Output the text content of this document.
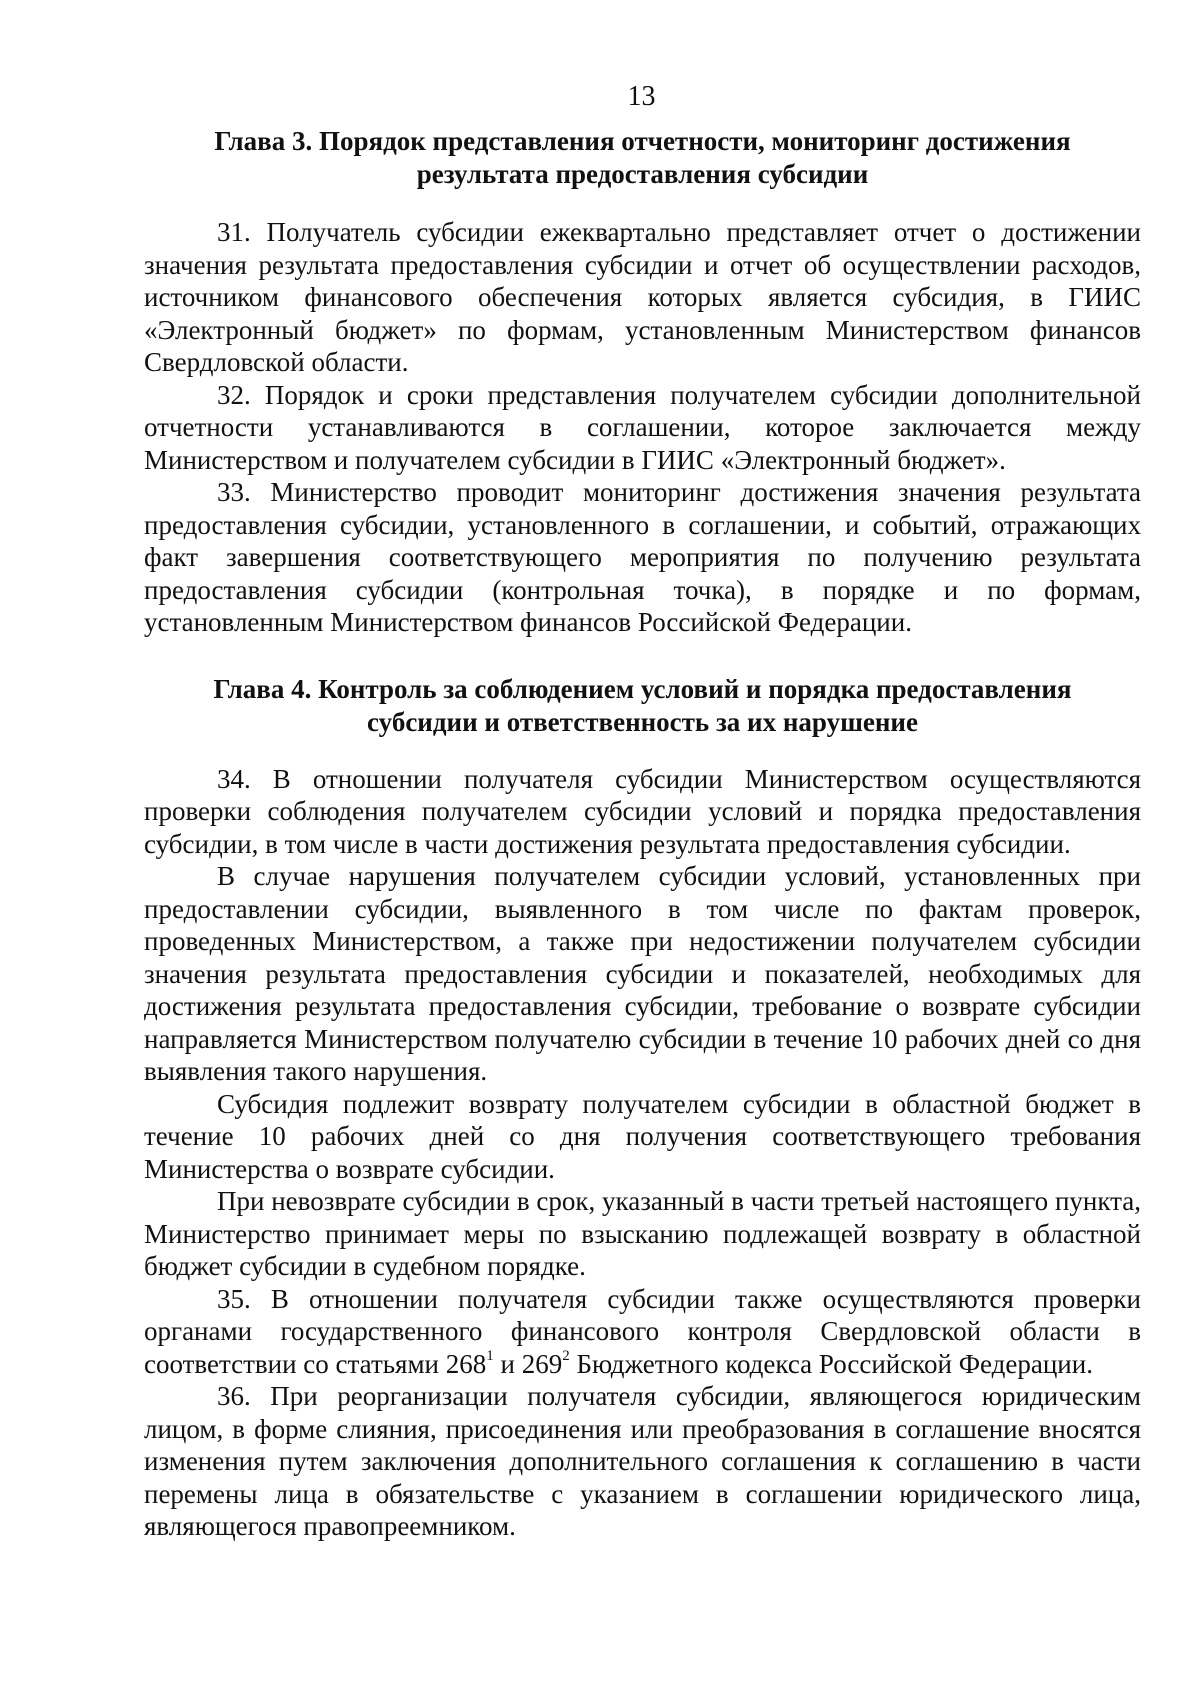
13
Глава 3. Порядок представления отчетности, мониторинг достижения
результата предоставления субсидии

31. Получатель субсидии ежеквартально представляет отчет о достижении значения результата предоставления субсидии и отчет об осуществлении расходов, источником финансового обеспечения которых является субсидия, в ГИИС «Электронный бюджет» по формам, установленным Министерством финансов Свердловской области.

32. Порядок и сроки представления получателем субсидии дополнительной отчетности устанавливаются в соглашении, которое заключается между Министерством и получателем субсидии в ГИИС «Электронный бюджет».

33. Министерство проводит мониторинг достижения значения результата предоставления субсидии, установленного в соглашении, и событий, отражающих факт завершения соответствующего мероприятия по получению результата предоставления субсидии (контрольная точка), в порядке и по формам, установленным Министерством финансов Российской Федерации.

Глава 4. Контроль за соблюдением условий и порядка предоставления
субсидии и ответственность за их нарушение

34. В отношении получателя субсидии Министерством осуществляются проверки соблюдения получателем субсидии условий и порядка предоставления субсидии, в том числе в части достижения результата предоставления субсидии.

В случае нарушения получателем субсидии условий, установленных при предоставлении субсидии, выявленного в том числе по фактам проверок, проведенных Министерством, а также при недостижении получателем субсидии значения результата предоставления субсидии и показателей, необходимых для достижения результата предоставления субсидии, требование о возврате субсидии направляется Министерством получателю субсидии в течение 10 рабочих дней со дня выявления такого нарушения.

Субсидия подлежит возврату получателем субсидии в областной бюджет в течение 10 рабочих дней со дня получения соответствующего требования Министерства о возврате субсидии.

При невозврате субсидии в срок, указанный в части третьей настоящего пункта, Министерство принимает меры по взысканию подлежащей возврату в областной бюджет субсидии в судебном порядке.

35. В отношении получателя субсидии также осуществляются проверки органами государственного финансового контроля Свердловской области в соответствии со статьями $268^1$ и $269^2$ Бюджетного кодекса Российской Федерации.

36. При реорганизации получателя субсидии, являющегося юридическим лицом, в форме слияния, присоединения или преобразования в соглашение вносятся изменения путем заключения дополнительного соглашения к соглашению в части перемены лица в обязательстве с указанием в соглашении юридического лица, являющегося правопреемником.
